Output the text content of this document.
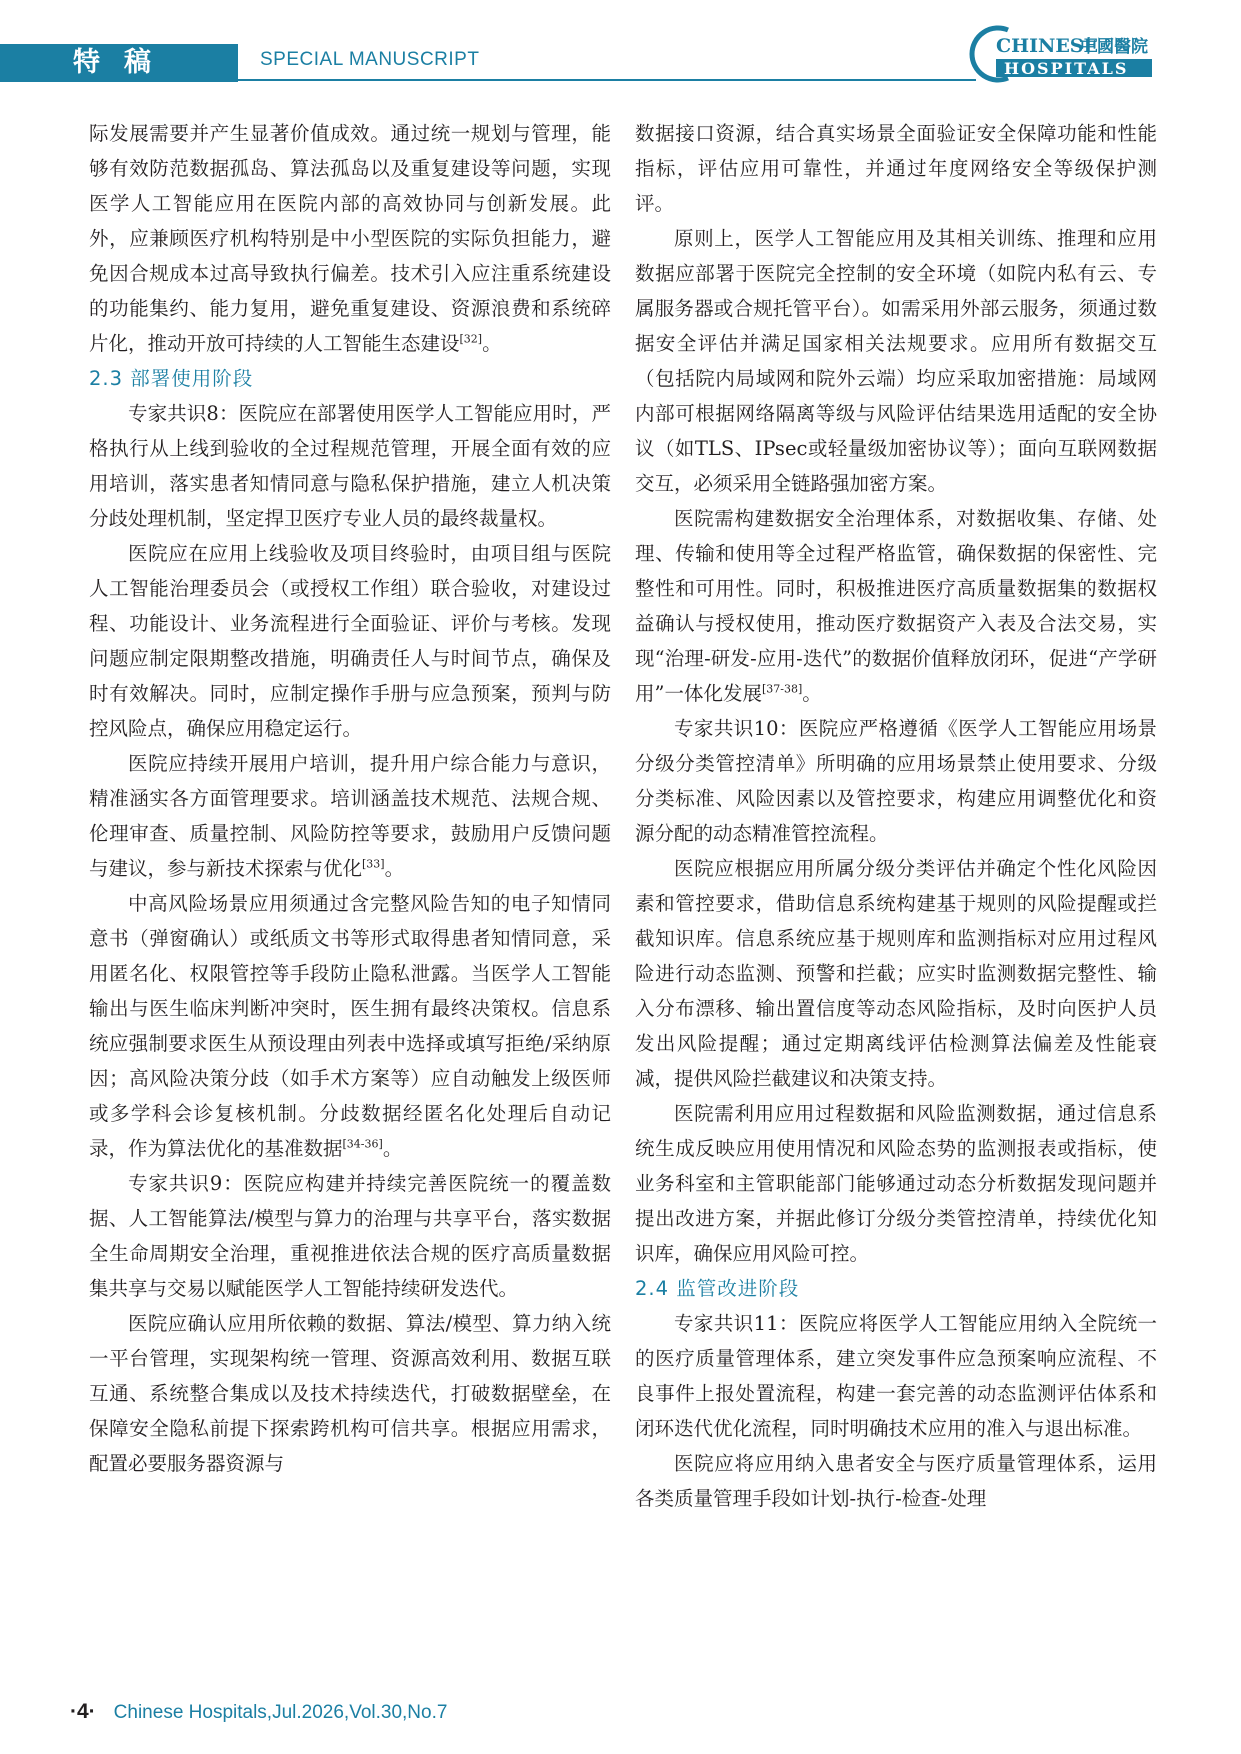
特稿	SPECIAL MANUSCRIPT
CHINESE
中國醫院
HOSPITALS

际发展需要并产生显著价值成效。通过统一规划与管理，能够有效防范数据孤岛、算法孤岛以及重复建设等问题，实现医学人工智能应用在医院内部的高效协同与创新发展。此外，应兼顾医疗机构特别是中小型医院的实际负担能力，避免因合规成本过高导致执行偏差。技术引入应注重系统建设的功能集约、能力复用，避免重复建设、资源浪费和系统碎片化，推动开放可持续的人工智能生态建设[32]。

2.3 部署使用阶段

专家共识8：医院应在部署使用医学人工智能应用时，严格执行从上线到验收的全过程规范管理，开展全面有效的应用培训，落实患者知情同意与隐私保护措施，建立人机决策分歧处理机制，坚定捍卫医疗专业人员的最终裁量权。

医院应在应用上线验收及项目终验时，由项目组与医院人工智能治理委员会（或授权工作组）联合验收，对建设过程、功能设计、业务流程进行全面验证、评价与考核。发现问题应制定限期整改措施，明确责任人与时间节点，确保及时有效解决。同时，应制定操作手册与应急预案，预判与防控风险点，确保应用稳定运行。

医院应持续开展用户培训，提升用户综合能力与意识，精准涵实各方面管理要求。培训涵盖技术规范、法规合规、伦理审查、质量控制、风险防控等要求，鼓励用户反馈问题与建议，参与新技术探索与优化[33]。

中高风险场景应用须通过含完整风险告知的电子知情同意书（弹窗确认）或纸质文书等形式取得患者知情同意，采用匿名化、权限管控等手段防止隐私泄露。当医学人工智能输出与医生临床判断冲突时，医生拥有最终决策权。信息系统应强制要求医生从预设理由列表中选择或填写拒绝/采纳原因；高风险决策分歧（如手术方案等）应自动触发上级医师或多学科会诊复核机制。分歧数据经匿名化处理后自动记录，作为算法优化的基准数据[34-36]。

专家共识9：医院应构建并持续完善医院统一的覆盖数据、人工智能算法/模型与算力的治理与共享平台，落实数据全生命周期安全治理，重视推进依法合规的医疗高质量数据集共享与交易以赋能医学人工智能持续研发迭代。

医院应确认应用所依赖的数据、算法/模型、算力纳入统一平台管理，实现架构统一管理、资源高效利用、数据互联互通、系统整合集成以及技术持续迭代，打破数据壁垒，在保障安全隐私前提下探索跨机构可信共享。根据应用需求，配置必要服务器资源与

数据接口资源，结合真实场景全面验证安全保障功能和性能指标，评估应用可靠性，并通过年度网络安全等级保护测评。

原则上，医学人工智能应用及其相关训练、推理和应用数据应部署于医院完全控制的安全环境（如院内私有云、专属服务器或合规托管平台）。如需采用外部云服务，须通过数据安全评估并满足国家相关法规要求。应用所有数据交互（包括院内局域网和院外云端）均应采取加密措施：局域网内部可根据网络隔离等级与风险评估结果选用适配的安全协议（如TLS、IPsec或轻量级加密协议等）；面向互联网数据交互，必须采用全链路强加密方案。

医院需构建数据安全治理体系，对数据收集、存储、处理、传输和使用等全过程严格监管，确保数据的保密性、完整性和可用性。同时，积极推进医疗高质量数据集的数据权益确认与授权使用，推动医疗数据资产入表及合法交易，实现“治理-研发-应用-迭代”的数据价值释放闭环，促进“产学研用”一体化发展[37-38]。

专家共识10：医院应严格遵循《医学人工智能应用场景分级分类管控清单》所明确的应用场景禁止使用要求、分级分类标准、风险因素以及管控要求，构建应用调整优化和资源分配的动态精准管控流程。

医院应根据应用所属分级分类评估并确定个性化风险因素和管控要求，借助信息系统构建基于规则的风险提醒或拦截知识库。信息系统应基于规则库和监测指标对应用过程风险进行动态监测、预警和拦截；应实时监测数据完整性、输入分布漂移、输出置信度等动态风险指标，及时向医护人员发出风险提醒；通过定期离线评估检测算法偏差及性能衰减，提供风险拦截建议和决策支持。

医院需利用应用过程数据和风险监测数据，通过信息系统生成反映应用使用情况和风险态势的监测报表或指标，使业务科室和主管职能部门能够通过动态分析数据发现问题并提出改进方案，并据此修订分级分类管控清单，持续优化知识库，确保应用风险可控。

2.4 监管改进阶段

专家共识11：医院应将医学人工智能应用纳入全院统一的医疗质量管理体系，建立突发事件应急预案响应流程、不良事件上报处置流程，构建一套完善的动态监测评估体系和闭环迭代优化流程，同时明确技术应用的准入与退出标准。

医院应将应用纳入患者安全与医疗质量管理体系，运用各类质量管理手段如计划-执行-检查-处理

·4· Chinese Hospitals,Jul.2026,Vol.30,No.7
